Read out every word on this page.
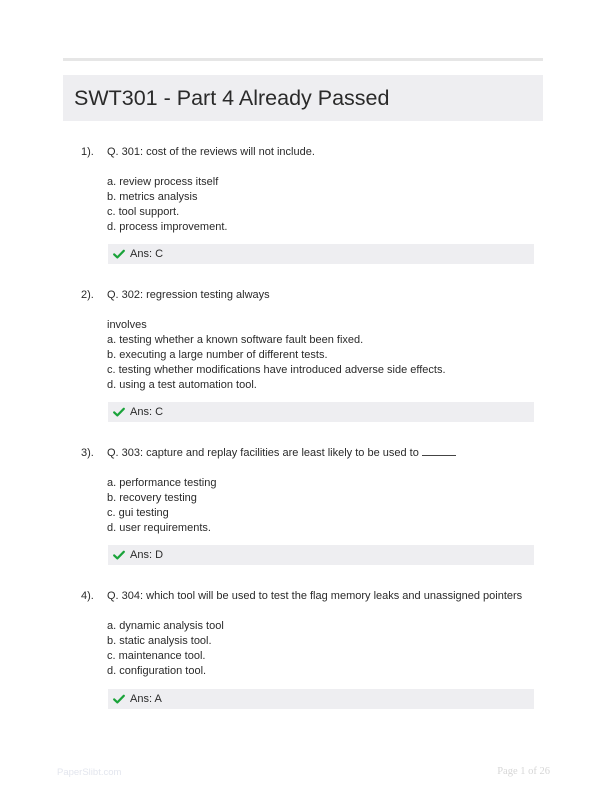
SWT301 - Part 4 Already Passed
1). Q. 301: cost of the reviews will not include.

a. review process itself
b. metrics analysis
c. tool support.
d. process improvement.
Ans: C
2). Q. 302: regression testing always

involves

a. testing whether a known software fault been fixed.
b. executing a large number of different tests.
c. testing whether modifications have introduced adverse side effects.
d. using a test automation tool.
Ans: C
3). Q. 303: capture and replay facilities are least likely to be used to

a. performance testing
b. recovery testing
c. gui testing
d. user requirements.
Ans: D
4). Q. 304: which tool will be used to test the flag memory leaks and unassigned pointers

a. dynamic analysis tool
b. static analysis tool.
c. maintenance tool.
d. configuration tool.
Ans: A
PaperSlibt.com	Page 1 of 26
